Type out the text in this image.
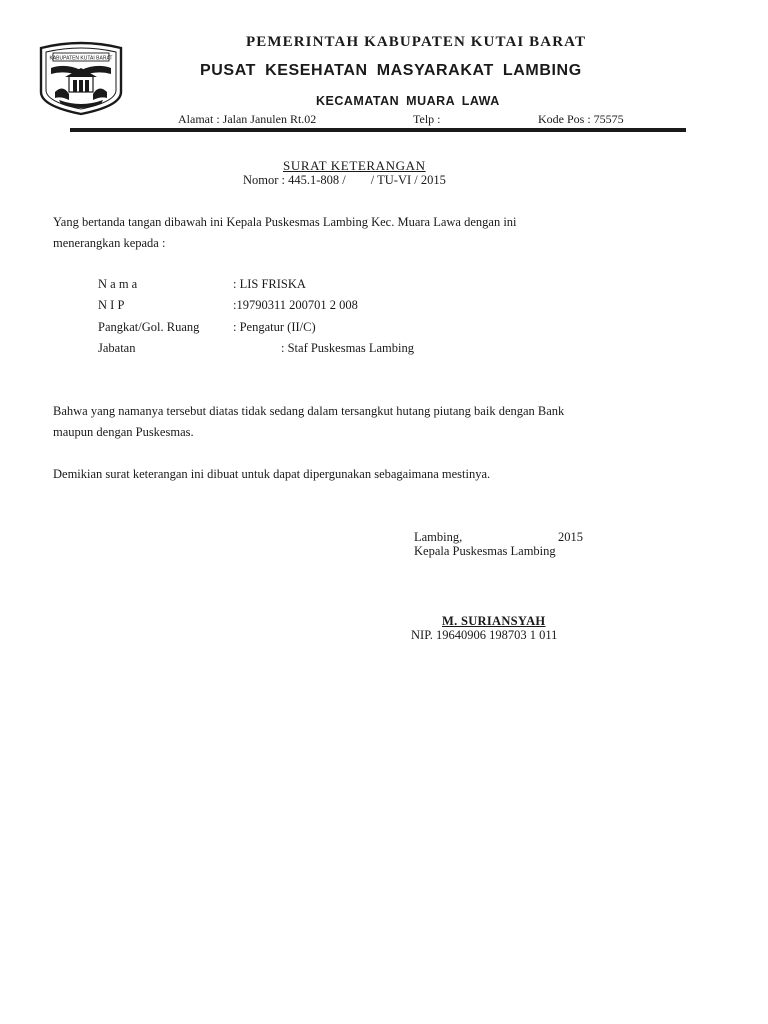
KABUPATEN KUTAI BARAT
PEMERINTAH KABUPATEN KUTAI BARAT
PUSAT KESEHATAN MASYARAKAT LAMBING
KECAMATAN MUARA LAWA
Alamat : Jalan Janulen Rt.02	Telp :	Kode Pos : 75575
SURAT KETERANGAN
Nomor : 445.1-808 /        / TU-VI / 2015
Yang bertanda tangan dibawah ini Kepala Puskesmas Lambing Kec. Muara Lawa dengan ini
menerangkan kepada :
N a m a	: LIS FRISKA
N I P	:19790311 200701 2 008
Pangkat/Gol. Ruang	: Pengatur (II/C)
Jabatan	: Staf Puskesmas Lambing
Bahwa yang namanya tersebut diatas tidak sedang dalam tersangkut hutang piutang baik dengan Bank
maupun dengan Puskesmas.
Demikian surat keterangan ini dibuat untuk dapat dipergunakan sebagaimana mestinya.
Lambing,	2015
Kepala Puskesmas Lambing
M. SURIANSYAH
NIP. 19640906 198703 1 011
